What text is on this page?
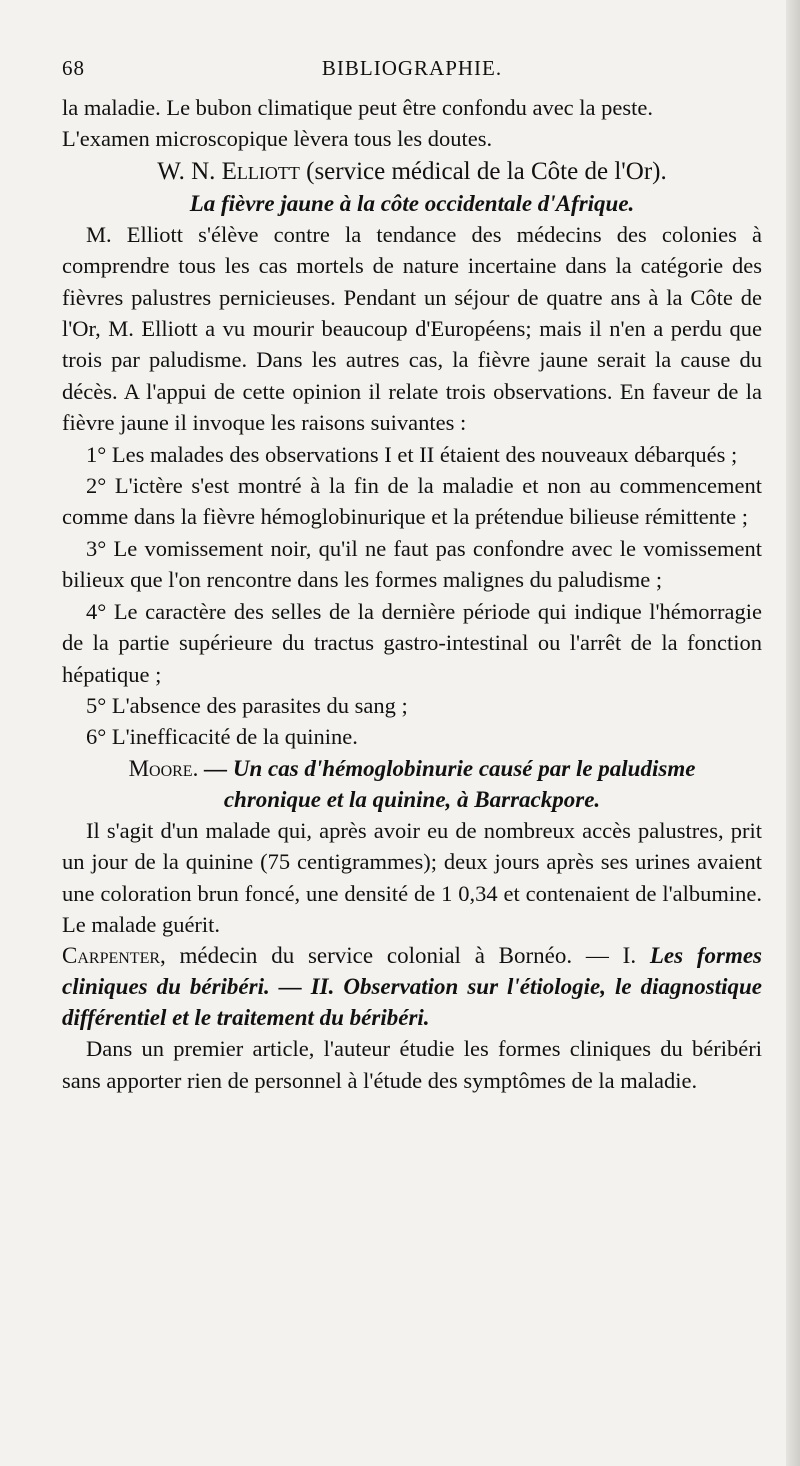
68	BIBLIOGRAPHIE.

la maladie. Le bubon climatique peut être confondu avec la peste.

L'examen microscopique lèvera tous les doutes.

W. N. Elliott (service médical de la Côte de l'Or).

La fièvre jaune à la côte occidentale d'Afrique.

M. Elliott s'élève contre la tendance des médecins des colonies à comprendre tous les cas mortels de nature incertaine dans la catégorie des fièvres palustres pernicieuses. Pendant un séjour de quatre ans à la Côte de l'Or, M. Elliott a vu mourir beaucoup d'Européens; mais il n'en a perdu que trois par paludisme. Dans les autres cas, la fièvre jaune serait la cause du décès. A l'appui de cette opinion il relate trois observations. En faveur de la fièvre jaune il invoque les raisons suivantes :

1° Les malades des observations I et II étaient des nouveaux débarqués ;

2° L'ictère s'est montré à la fin de la maladie et non au commencement comme dans la fièvre hémoglobinurique et la prétendue bilieuse rémittente ;

3° Le vomissement noir, qu'il ne faut pas confondre avec le vomissement bilieux que l'on rencontre dans les formes malignes du paludisme ;

4° Le caractère des selles de la dernière période qui indique l'hémorragie de la partie supérieure du tractus gastro-intestinal ou l'arrêt de la fonction hépatique ;

5° L'absence des parasites du sang ;

6° L'inefficacité de la quinine.

Moore. — Un cas d'hémoglobinurie causé par le paludisme
chronique et la quinine, à Barrackpore.

Il s'agit d'un malade qui, après avoir eu de nombreux accès palustres, prit un jour de la quinine (75 centigrammes); deux jours après ses urines avaient une coloration brun foncé, une densité de 1 0,34 et contenaient de l'albumine. Le malade guérit.

Carpenter, médecin du service colonial à Bornéo. — I. Les formes cliniques du béribéri. — II. Observation sur l'étiologie, le diagnostique différentiel et le traitement du béribéri.

Dans un premier article, l'auteur étudie les formes cliniques du béribéri sans apporter rien de personnel à l'étude des symptômes de la maladie.
